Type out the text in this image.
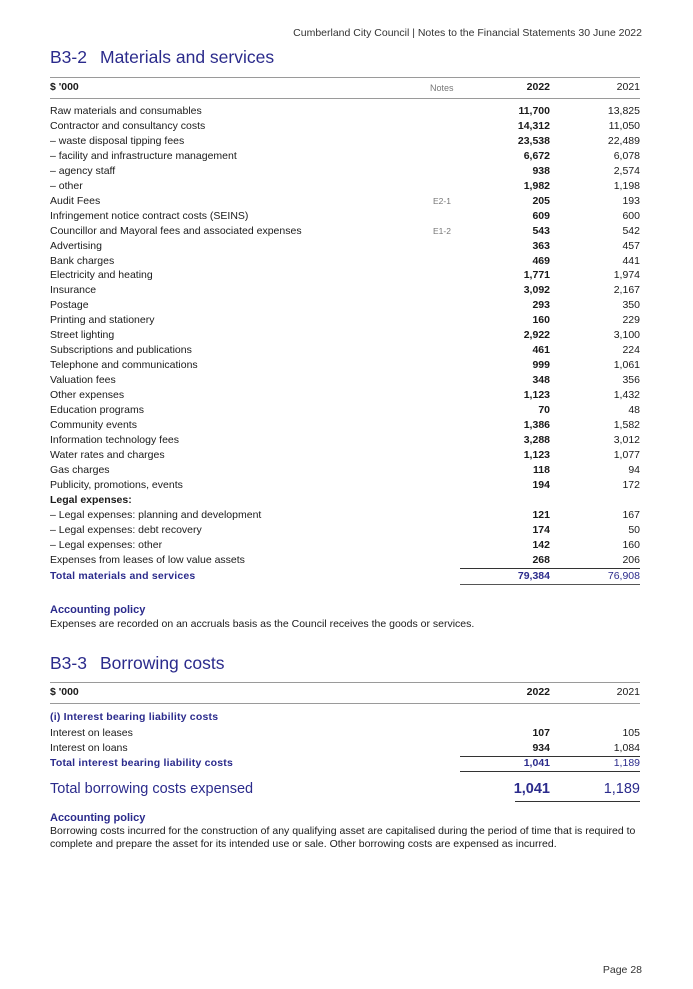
Cumberland City Council | Notes to the Financial Statements 30 June 2022
B3-2 Materials and services
$ '000	Notes	2022	2021
Raw materials and consumables	11,700	13,825
Contractor and consultancy costs	14,312	11,050
– waste disposal tipping fees	23,538	22,489
– facility and infrastructure management	6,672	6,078
– agency staff	938	2,574
– other	1,982	1,198
Audit Fees	E2-1	205	193
Infringement notice contract costs (SEINS)	609	600
Councillor and Mayoral fees and associated expenses	E1-2	543	542
Advertising	363	457
Bank charges	469	441
Electricity and heating	1,771	1,974
Insurance	3,092	2,167
Postage	293	350
Printing and stationery	160	229
Street lighting	2,922	3,100
Subscriptions and publications	461	224
Telephone and communications	999	1,061
Valuation fees	348	356
Other expenses	1,123	1,432
Education programs	70	48
Community events	1,386	1,582
Information technology fees	3,288	3,012
Water rates and charges	1,123	1,077
Gas charges	118	94
Publicity, promotions, events	194	172
Legal expenses:
– Legal expenses: planning and development	121	167
– Legal expenses: debt recovery	174	50
– Legal expenses: other	142	160
Expenses from leases of low value assets	268	206
Total materials and services	79,384	76,908
Accounting policy
Expenses are recorded on an accruals basis as the Council receives the goods or services.
B3-3 Borrowing costs
$ '000	2022	2021
(i) Interest bearing liability costs
Interest on leases	107	105
Interest on loans	934	1,084
Total interest bearing liability costs	1,041	1,189
Total borrowing costs expensed	1,041	1,189
Accounting policy
Borrowing costs incurred for the construction of any qualifying asset are capitalised during the period of time that is required to complete and prepare the asset for its intended use or sale. Other borrowing costs are expensed as incurred.
Page 28
